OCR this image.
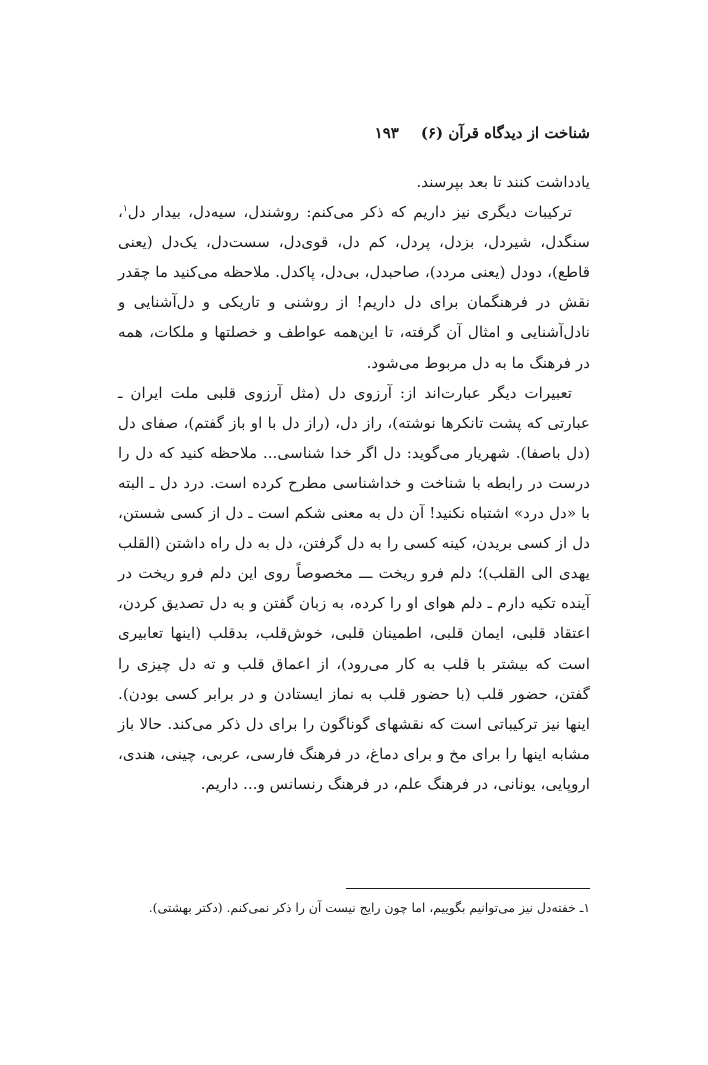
شناخت از دیدگاه قرآن (۶)
۱۹۳

یادداشت کنند تا بعد بپرسند.

ترکیبات دیگری نیز داریم که ذکر می‌کنم: روشندل، سیه‌دل، بیدار دل$^۱$، سنگدل، شیردل، بزدل، پردل، کم دل، قوی‌دل، سست‌دل، یک‌دل (یعنی قاطع)، دودل (یعنی مردد)، صاحبدل، بی‌دل، پاکدل. ملاحظه می‌کنید ما چقدر نقش در فرهنگمان برای دل داریم! از روشنی و تاریکی و دل‌آشنایی و نادل‌آشنایی و امثال آن گرفته، تا این‌همه عواطف و خصلتها و ملکات، همه در فرهنگ ما به دل مربوط می‌شود.

تعبیرات دیگر عبارت‌اند از: آرزوی دل (مثل آرزوی قلبی ملت ایران ـ عبارتی که پشت تانکرها نوشته)، راز دل، (راز دل با او باز گفتم)، صفای دل (دل باصفا). شهریار می‌گوید: دل اگر خدا شناسی... ملاحظه کنید که دل را درست در رابطه با شناخت و خداشناسی مطرح کرده است. درد دل ـ البته با «دل درد» اشتباه نکنید! آن دل به معنی شکم است ـ دل از کسی شستن، دل از کسی بریدن، کینه کسی را به دل گرفتن، دل به دل راه داشتن (القلب یهدی الی القلب)؛ دلم فرو ریخت ـــ مخصوصاً روی این دلم فرو ریخت در آینده تکیه دارم ـ دلم هوای او را کرده، به زبان گفتن و به دل تصدیق کردن، اعتقاد قلبی، ایمان قلبی، اطمینان قلبی، خوش‌قلب، بدقلب (اینها تعابیری است که بیشتر با قلب به کار می‌رود)، از اعماق قلب و ته دل چیزی را گفتن، حضور قلب (با حضور قلب به نماز ایستادن و در برابر کسی بودن). اینها نیز ترکیباتی است که نقشهای گوناگون را برای دل ذکر می‌کند. حالا باز مشابه اینها را برای مخ و برای دماغ، در فرهنگ فارسی، عربی، چینی، هندی، اروپایی، یونانی، در فرهنگ علم، در فرهنگ رنسانس و... داریم.

۱ـ خفته‌دل نیز می‌توانیم بگوییم، اما چون رایج نیست آن را ذکر نمی‌کنم. (دکتر بهشتی).
